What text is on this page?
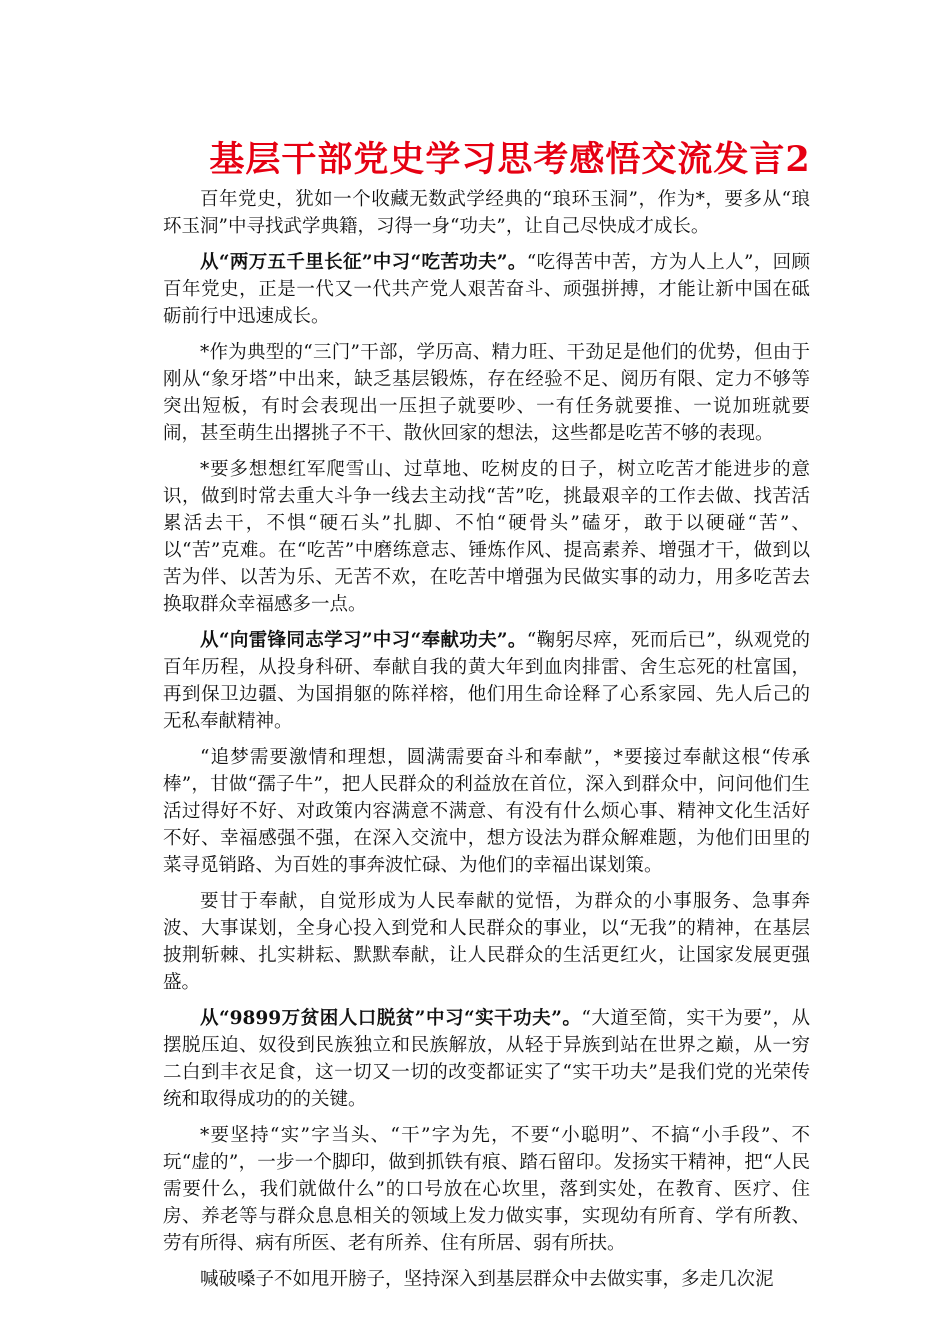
基层干部党史学习思考感悟交流发言2

百年党史，犹如一个收藏无数武学经典的“琅环玉洞”，作为*，要多从“琅环玉洞”中寻找武学典籍，习得一身“功夫”，让自己尽快成才成长。

从“两万五千里长征”中习“吃苦功夫”。“吃得苦中苦，方为人上人”，回顾百年党史，正是一代又一代共产党人艰苦奋斗、顽强拼搏，才能让新中国在砥砺前行中迅速成长。

*作为典型的“三门”干部，学历高、精力旺、干劲足是他们的优势，但由于刚从“象牙塔”中出来，缺乏基层锻炼，存在经验不足、阅历有限、定力不够等突出短板，有时会表现出一压担子就要吵、一有任务就要推、一说加班就要闹，甚至萌生出撂挑子不干、散伙回家的想法，这些都是吃苦不够的表现。

*要多想想红军爬雪山、过草地、吃树皮的日子，树立吃苦才能进步的意识，做到时常去重大斗争一线去主动找“苦”吃，挑最艰辛的工作去做、找苦活累活去干，不惧“硬石头”扎脚、不怕“硬骨头”磕牙，敢于以硬碰“苦”、以“苦”克难。在“吃苦”中磨练意志、锤炼作风、提高素养、增强才干，做到以苦为伴、以苦为乐、无苦不欢，在吃苦中增强为民做实事的动力，用多吃苦去换取群众幸福感多一点。

从“向雷锋同志学习”中习“奉献功夫”。“鞠躬尽瘁，死而后已”，纵观党的百年历程，从投身科研、奉献自我的黄大年到血肉排雷、舍生忘死的杜富国，再到保卫边疆、为国捐躯的陈祥榕，他们用生命诠释了心系家园、先人后己的无私奉献精神。

“追梦需要激情和理想，圆满需要奋斗和奉献”，*要接过奉献这根“传承棒”，甘做“孺子牛”，把人民群众的利益放在首位，深入到群众中，问问他们生活过得好不好、对政策内容满意不满意、有没有什么烦心事、精神文化生活好不好、幸福感强不强，在深入交流中，想方设法为群众解难题，为他们田里的菜寻觅销路、为百姓的事奔波忙碌、为他们的幸福出谋划策。

要甘于奉献，自觉形成为人民奉献的觉悟，为群众的小事服务、急事奔波、大事谋划，全身心投入到党和人民群众的事业，以“无我”的精神，在基层披荆斩棘、扎实耕耘、默默奉献，让人民群众的生活更红火，让国家发展更强盛。

从“9899万贫困人口脱贫”中习“实干功夫”。“大道至简，实干为要”，从摆脱压迫、奴役到民族独立和民族解放，从轻于异族到站在世界之巅，从一穷二白到丰衣足食，这一切又一切的改变都证实了“实干功夫”是我们党的光荣传统和取得成功的的关键。

*要坚持“实”字当头、“干”字为先，不要“小聪明”、不搞“小手段”、不玩“虚的”，一步一个脚印，做到抓铁有痕、踏石留印。发扬实干精神，把“人民需要什么，我们就做什么”的口号放在心坎里，落到实处，在教育、医疗、住房、养老等与群众息息相关的领域上发力做实事，实现幼有所育、学有所教、劳有所得、病有所医、老有所养、住有所居、弱有所扶。

喊破嗓子不如甩开膀子，坚持深入到基层群众中去做实事，多走几次泥
